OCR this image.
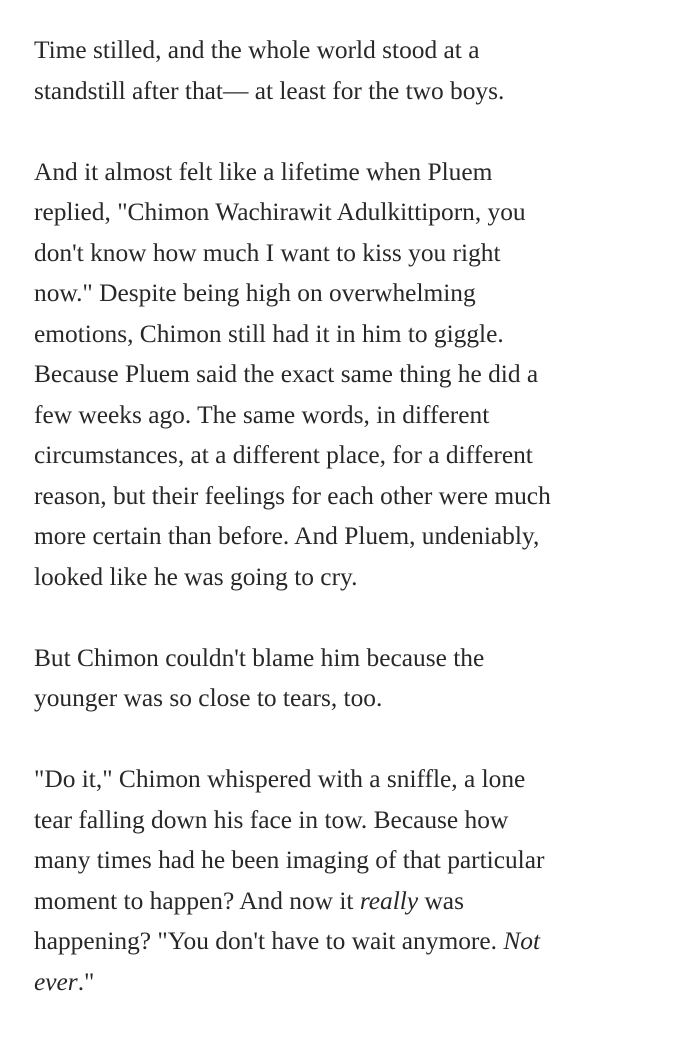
Time stilled, and the whole world stood at a
standstill after that— at least for the two boys.

And it almost felt like a lifetime when Pluem
replied, "Chimon Wachirawit Adulkittiporn, you
don't know how much I want to kiss you right
now." Despite being high on overwhelming
emotions, Chimon still had it in him to giggle.
Because Pluem said the exact same thing he did a
few weeks ago. The same words, in different
circumstances, at a different place, for a different
reason, but their feelings for each other were much
more certain than before. And Pluem, undeniably,
looked like he was going to cry.

But Chimon couldn't blame him because the
younger was so close to tears, too.

"Do it," Chimon whispered with a sniffle, a lone
tear falling down his face in tow. Because how
many times had he been imaging of that particular
moment to happen? And now it really was
happening? "You don't have to wait anymore. Not
ever."
